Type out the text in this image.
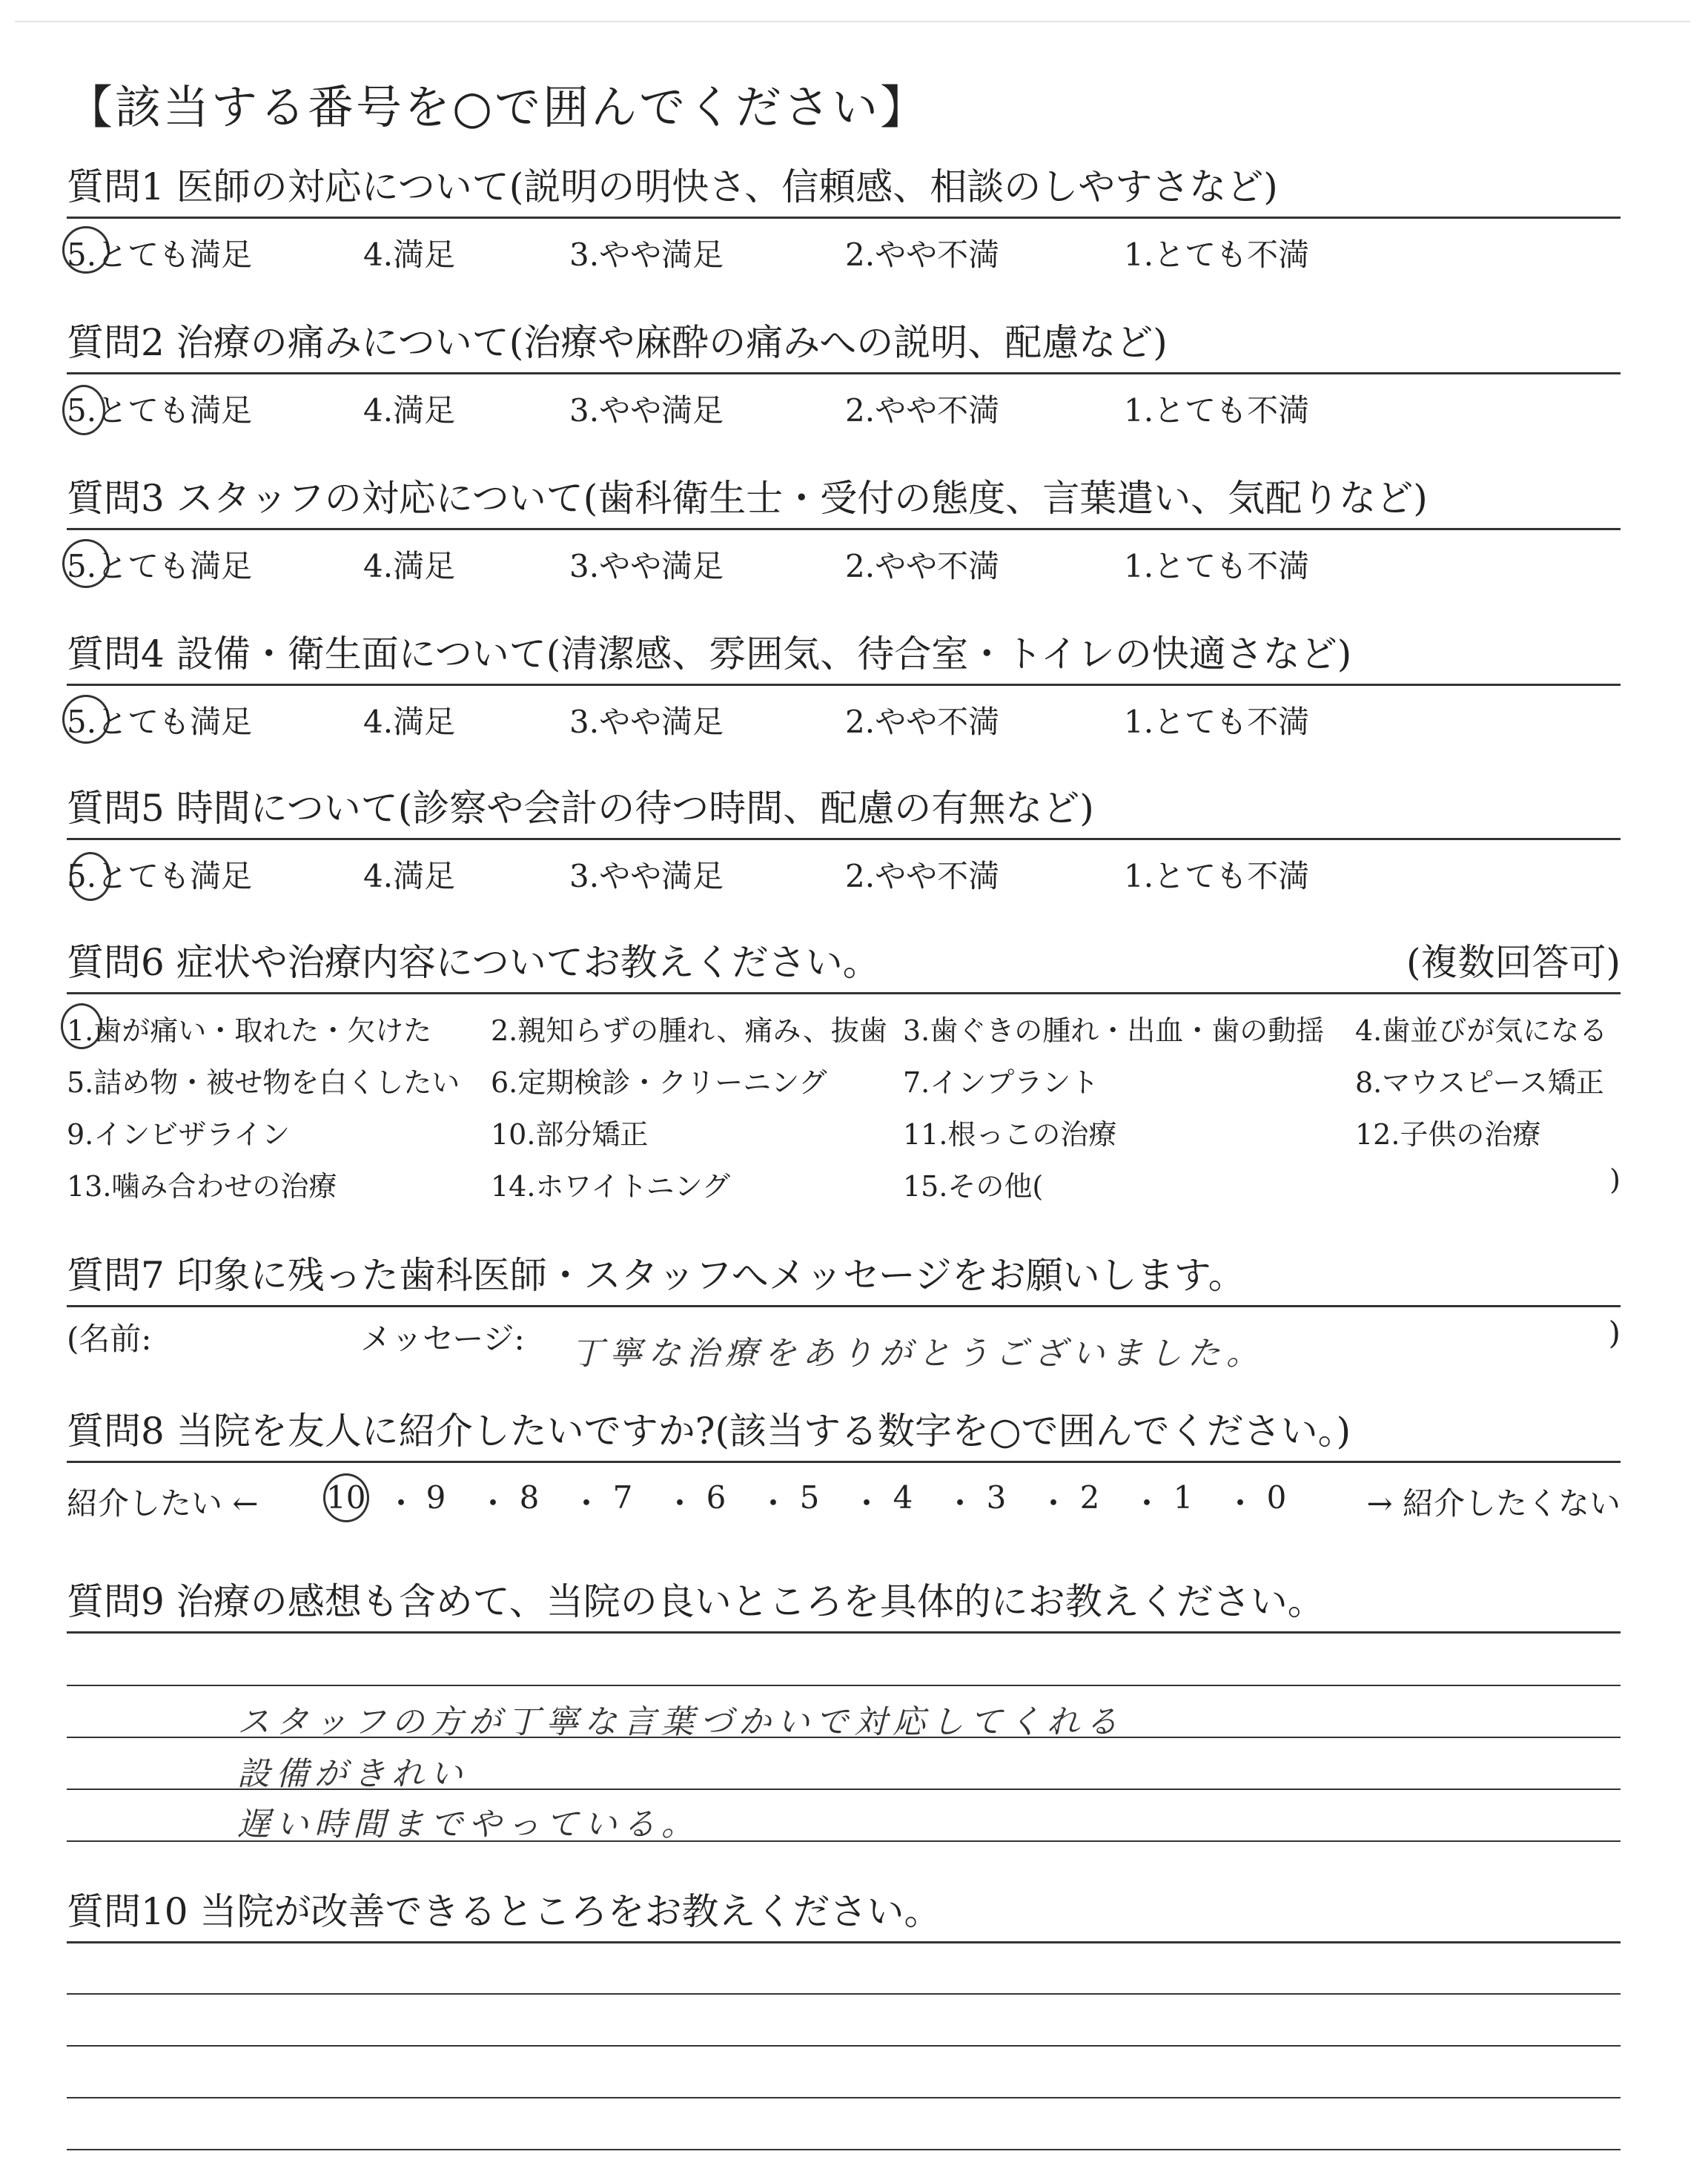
【該当する番号を○で囲んでください】
質問1 医師の対応について(説明の明快さ、信頼感、相談のしやすさなど)
5.とても満足	4.満足	3.やや満足	2.やや不満	1.とても不満
質問2 治療の痛みについて(治療や麻酔の痛みへの説明、配慮など)
5.とても満足	4.満足	3.やや満足	2.やや不満	1.とても不満
質問3 スタッフの対応について(歯科衛生士・受付の態度、言葉遣い、気配りなど)
5.とても満足	4.満足	3.やや満足	2.やや不満	1.とても不満
質問4 設備・衛生面について(清潔感、雰囲気、待合室・トイレの快適さなど)
5.とても満足	4.満足	3.やや満足	2.やや不満	1.とても不満
質問5 時間について(診察や会計の待つ時間、配慮の有無など)
5.とても満足	4.満足	3.やや満足	2.やや不満	1.とても不満
質問6 症状や治療内容についてお教えください。	(複数回答可)
1.歯が痛い・取れた・欠けた 2.親知らずの腫れ、痛み、抜歯 3.歯ぐきの腫れ・出血・歯の動揺 4.歯並びが気になる
5.詰め物・被せ物を白くしたい 6.定期検診・クリーニング	7.インプラント	8.マウスピース矯正
9.インビザライン	10.部分矯正	11.根っこの治療	12.子供の治療
13.噛み合わせの治療	14.ホワイトニング	15.その他(	)
質問7 印象に残った歯科医師・スタッフへメッセージをお願いします。
(名前:	メッセージ: 丁寧な治療をありがとうございました。
)
質問8 当院を友人に紹介したいですか?(該当する数字を○で囲んでください。)
紹介したい ← 10 ・ 9 ・ 8 ・ 7 ・ 6 ・ 5 ・ 4 ・ 3 ・ 2 ・ 1 ・ 0	→ 紹介したくない
質問9 治療の感想も含めて、当院の良いところを具体的にお教えください。
スタッフの方が丁寧な言葉づかいで対応してくれる
設備がきれい
遅い時間までやっている。
質問10 当院が改善できるところをお教えください。
